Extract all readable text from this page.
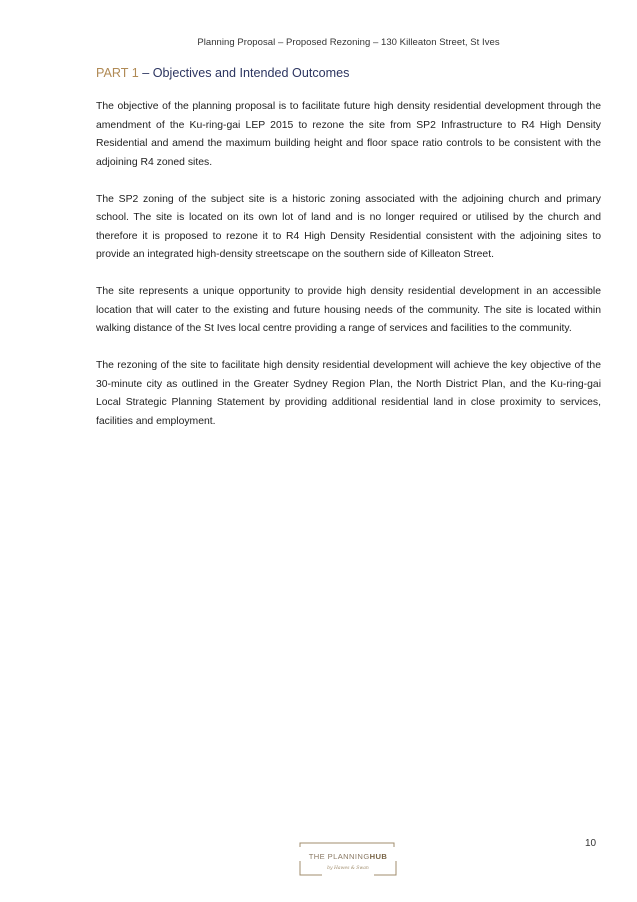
Planning Proposal – Proposed Rezoning – 130 Killeaton Street, St Ives
PART 1 – Objectives and Intended Outcomes

The objective of the planning proposal is to facilitate future high density residential development through the amendment of the Ku-ring-gai LEP 2015 to rezone the site from SP2 Infrastructure to R4 High Density Residential and amend the maximum building height and floor space ratio controls to be consistent with the adjoining R4 zoned sites.

The SP2 zoning of the subject site is a historic zoning associated with the adjoining church and primary school. The site is located on its own lot of land and is no longer required or utilised by the church and therefore it is proposed to rezone it to R4 High Density Residential consistent with the adjoining sites to provide an integrated high-density streetscape on the southern side of Killeaton Street.

The site represents a unique opportunity to provide high density residential development in an accessible location that will cater to the existing and future housing needs of the community. The site is located within walking distance of the St Ives local centre providing a range of services and facilities to the community.

The rezoning of the site to facilitate high density residential development will achieve the key objective of the 30-minute city as outlined in the Greater Sydney Region Plan, the North District Plan, and the Ku-ring-gai Local Strategic Planning Statement by providing additional residential land in close proximity to services, facilities and employment.

10
THE PLANNINGHUB
by Hawes & Swan
